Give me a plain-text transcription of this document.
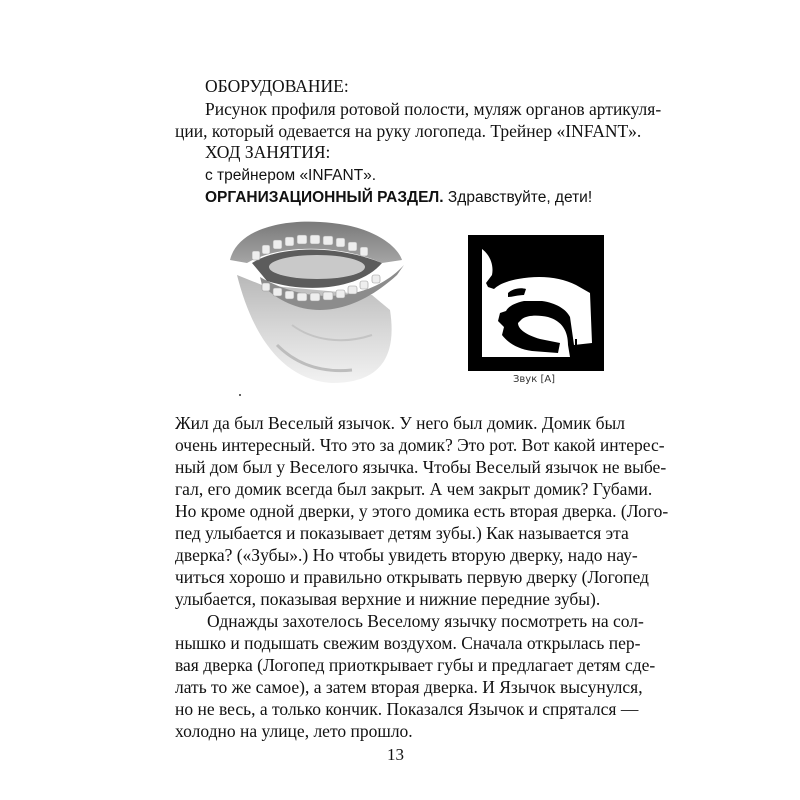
ОБОРУДОВАНИЕ:
Рисунок профиля ротовой полости, муляж органов артикуля-
ции, который одевается на руку логопеда. Трейнер «INFANT».
ХОД ЗАНЯТИЯ:
с трейнером «INFANT».
ОРГАНИЗАЦИОННЫЙ РАЗДЕЛ. Здравствуйте, дети!
Звук [А]
Жил да был Веселый язычок. У него был домик. Домик был
очень интересный. Что это за домик? Это рот. Вот какой интерес-
ный дом был у Веселого язычка. Чтобы Веселый язычок не выбе-
гал, его домик всегда был закрыт. А чем закрыт домик? Губами.
Но кроме одной дверки, у этого домика есть вторая дверка. (Лого-
пед улыбается и показывает детям зубы.) Как называется эта
дверка? («Зубы».) Но чтобы увидеть вторую дверку, надо нау-
читься хорошо и правильно открывать первую дверку (Логопед
улыбается, показывая верхние и нижние передние зубы).
Однажды захотелось Веселому язычку посмотреть на сол-
нышко и подышать свежим воздухом. Сначала открылась пер-
вая дверка (Логопед приоткрывает губы и предлагает детям сде-
лать то же самое), а затем вторая дверка. И Язычок высунулся,
но не весь, а только кончик. Показался Язычок и спрятался —
холодно на улице, лето прошло.
13
